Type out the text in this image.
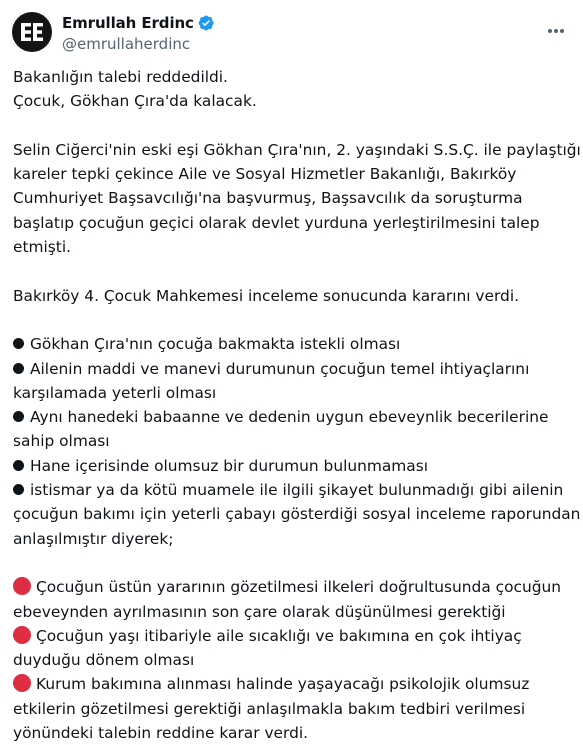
Emrullah Erdinc
@emrullaherdinc
Bakanlığın talebi reddedildi.
Çocuk, Gökhan Çıra'da kalacak.
Selin Ciğerci'nin eski eşi Gökhan Çıra'nın, 2. yaşındaki S.S.Ç. ile paylaştığı
kareler tepki çekince Aile ve Sosyal Hizmetler Bakanlığı, Bakırköy
Cumhuriyet Başsavcılığı'na başvurmuş, Başsavcılık da soruşturma
başlatıp çocuğun geçici olarak devlet yurduna yerleştirilmesini talep
etmişti.
Bakırköy 4. Çocuk Mahkemesi inceleme sonucunda kararını verdi.
Gökhan Çıra'nın çocuğa bakmakta istekli olması
Ailenin maddi ve manevi durumunun çocuğun temel ihtiyaçlarını
karşılamada yeterli olması
Aynı hanedeki babaanne ve dedenin uygun ebeveynlik becerilerine
sahip olması
Hane içerisinde olumsuz bir durumun bulunmaması
istismar ya da kötü muamele ile ilgili şikayet bulunmadığı gibi ailenin
çocuğun bakımı için yeterli çabayı gösterdiği sosyal inceleme raporundan
anlaşılmıştır diyerek;
Çocuğun üstün yararının gözetilmesi ilkeleri doğrultusunda çocuğun
ebeveynden ayrılmasının son çare olarak düşünülmesi gerektiği
Çocuğun yaşı itibariyle aile sıcaklığı ve bakımına en çok ihtiyaç
duyduğu dönem olması
Kurum bakımına alınması halinde yaşayacağı psikolojik olumsuz
etkilerin gözetilmesi gerektiği anlaşılmakla bakım tedbiri verilmesi
yönündeki talebin reddine karar verdi.
